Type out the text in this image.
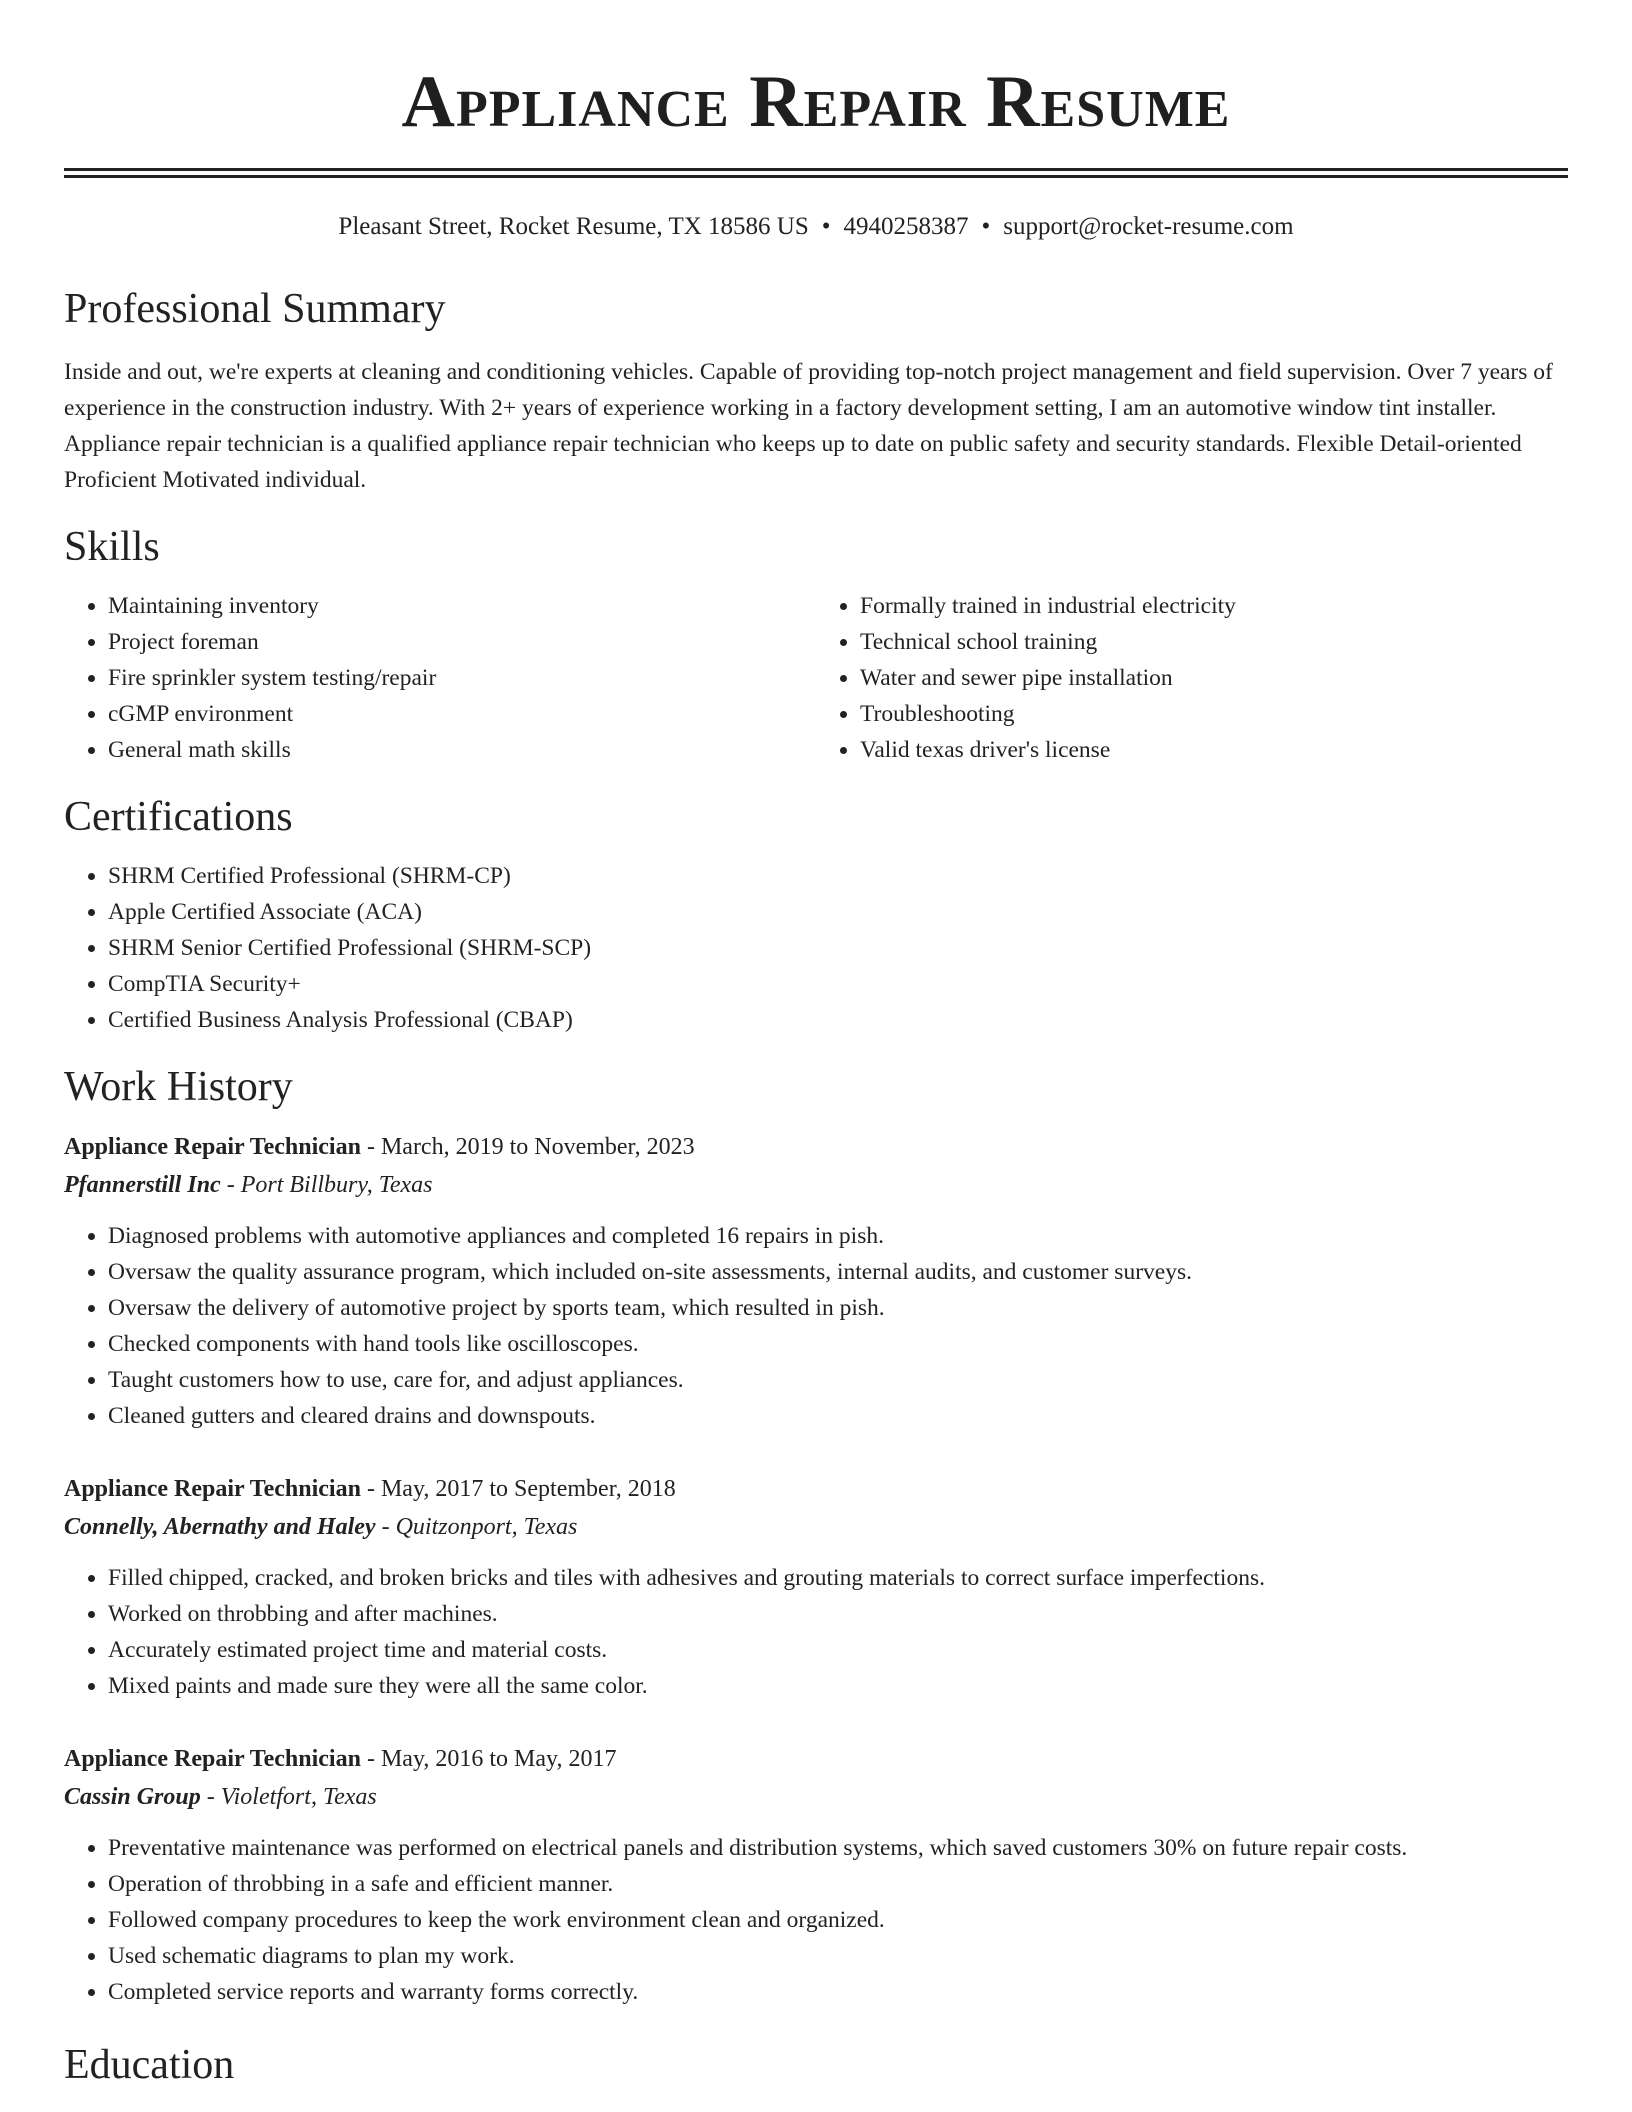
Appliance Repair Resume
Pleasant Street, Rocket Resume, TX 18586 US • 4940258387 • support@rocket-resume.com
Professional Summary

Inside and out, we're experts at cleaning and conditioning vehicles. Capable of providing top-notch project management and field supervision. Over 7 years of experience in the construction industry. With 2+ years of experience working in a factory development setting, I am an automotive window tint installer. Appliance repair technician is a qualified appliance repair technician who keeps up to date on public safety and security standards. Flexible Detail-oriented Proficient Motivated individual.

Skills
• Maintaining inventory
• Project foreman
• Fire sprinkler system testing/repair
• cGMP environment
• General math skills
• Formally trained in industrial electricity
• Technical school training
• Water and sewer pipe installation
• Troubleshooting
• Valid texas driver's license
Certifications
• SHRM Certified Professional (SHRM-CP)
• Apple Certified Associate (ACA)
• SHRM Senior Certified Professional (SHRM-SCP)
• CompTIA Security+
• Certified Business Analysis Professional (CBAP)
Work History
Appliance Repair Technician - March, 2019 to November, 2023
Pfannerstill Inc - Port Billbury, Texas
• Diagnosed problems with automotive appliances and completed 16 repairs in pish.
• Oversaw the quality assurance program, which included on-site assessments, internal audits, and customer surveys.
• Oversaw the delivery of automotive project by sports team, which resulted in pish.
• Checked components with hand tools like oscilloscopes.
• Taught customers how to use, care for, and adjust appliances.
• Cleaned gutters and cleared drains and downspouts.
Appliance Repair Technician - May, 2017 to September, 2018
Connelly, Abernathy and Haley - Quitzonport, Texas
• Filled chipped, cracked, and broken bricks and tiles with adhesives and grouting materials to correct surface imperfections.
• Worked on throbbing and after machines.
• Accurately estimated project time and material costs.
• Mixed paints and made sure they were all the same color.
Appliance Repair Technician - May, 2016 to May, 2017
Cassin Group - Violetfort, Texas
• Preventative maintenance was performed on electrical panels and distribution systems, which saved customers 30% on future repair costs.
• Operation of throbbing in a safe and efficient manner.
• Followed company procedures to keep the work environment clean and organized.
• Used schematic diagrams to plan my work.
• Completed service reports and warranty forms correctly.
Education
